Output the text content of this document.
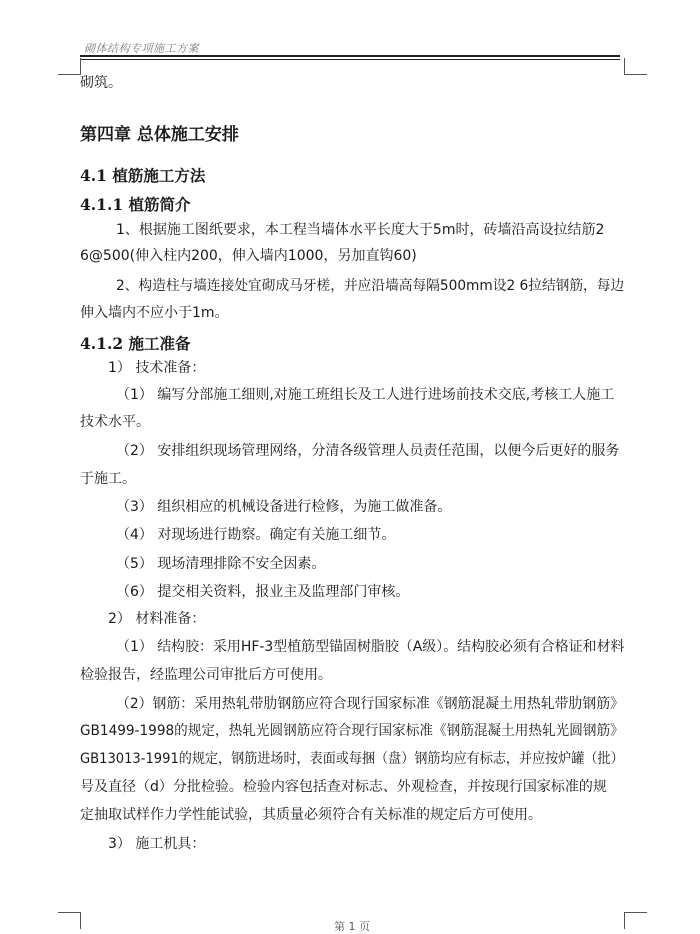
砌体结构专项施工方案
砌筑。
第四章 总体施工安排
4.1 植筋施工方法
4.1.1 植筋简介
1、根据施工图纸要求，本工程当墙体水平长度大于5m时，砖墙沿高设拉结筋2
6@500(伸入柱内200，伸入墙内1000，另加直钩60)
2、构造柱与墙连接处宜砌成马牙槎，并应沿墙高每隔500mm设2 6拉结钢筋，每边
伸入墙内不应小于1m。
4.1.2 施工准备
1） 技术准备：
（1） 编写分部施工细则,对施工班组长及工人进行进场前技术交底,考核工人施工
技术水平。
（2） 安排组织现场管理网络，分清各级管理人员责任范围，以便今后更好的服务
于施工。
（3） 组织相应的机械设备进行检修，为施工做准备。
（4） 对现场进行勘察。确定有关施工细节。
（5） 现场清理排除不安全因素。
（6） 提交相关资料，报业主及监理部门审核。
2） 材料准备：
（1） 结构胶：采用HF-3型植筋型锚固树脂胶（A级）。结构胶必须有合格证和材料
检验报告，经监理公司审批后方可使用。
（2）钢筋：采用热轧带肋钢筋应符合现行国家标准《钢筋混凝土用热轧带肋钢筋》
GB1499-1998的规定，热轧光圆钢筋应符合现行国家标准《钢筋混凝土用热轧光圆钢筋》
GB13013-1991的规定，钢筋进场时，表面或每捆（盘）钢筋均应有标志，并应按炉罐（批）
号及直径（d）分批检验。检验内容包括查对标志、外观检查，并按现行国家标准的规
定抽取试样作力学性能试验，其质量必须符合有关标准的规定后方可使用。
3） 施工机具：
第 1 页
